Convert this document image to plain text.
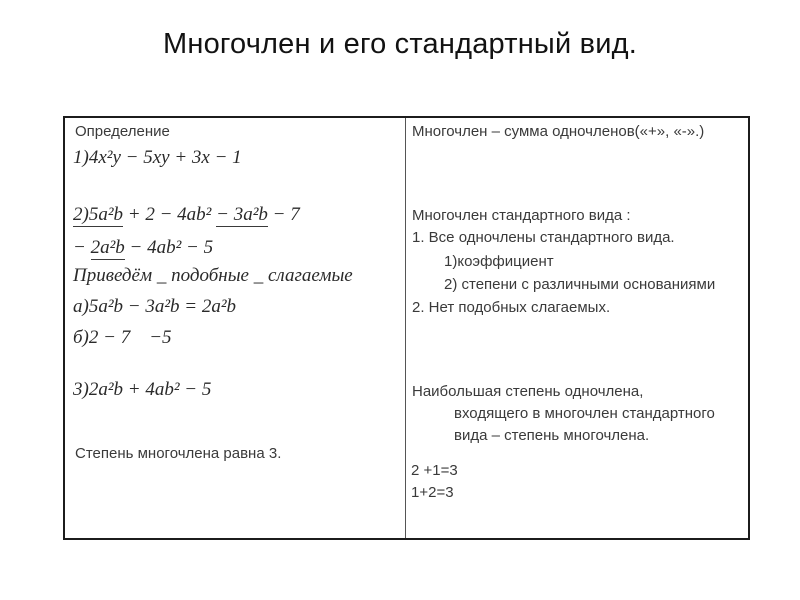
Многочлен и его стандартный вид.
Определение
1)4x²y − 5xy + 3x − 1
2)5a²b + 2 − 4ab² − 3a²b − 7
− 2a²b − 4ab² − 5
Приведём _ подобные _ слагаемые
а)5a²b − 3a²b = 2a²b
б)2 − 7    −5
3)2a²b + 4ab² − 5
Степень многочлена равна 3.
Многочлен – сумма одночленов(«+», «-».)
Многочлен стандартного вида :
1. Все одночлены стандартного вида.
1)коэффициент
2) степени с различными основаниями
2. Нет подобных слагаемых.
Наибольшая степень одночлена,
входящего в многочлен стандартного
вида – степень многочлена.
2 +1=3
1+2=3
